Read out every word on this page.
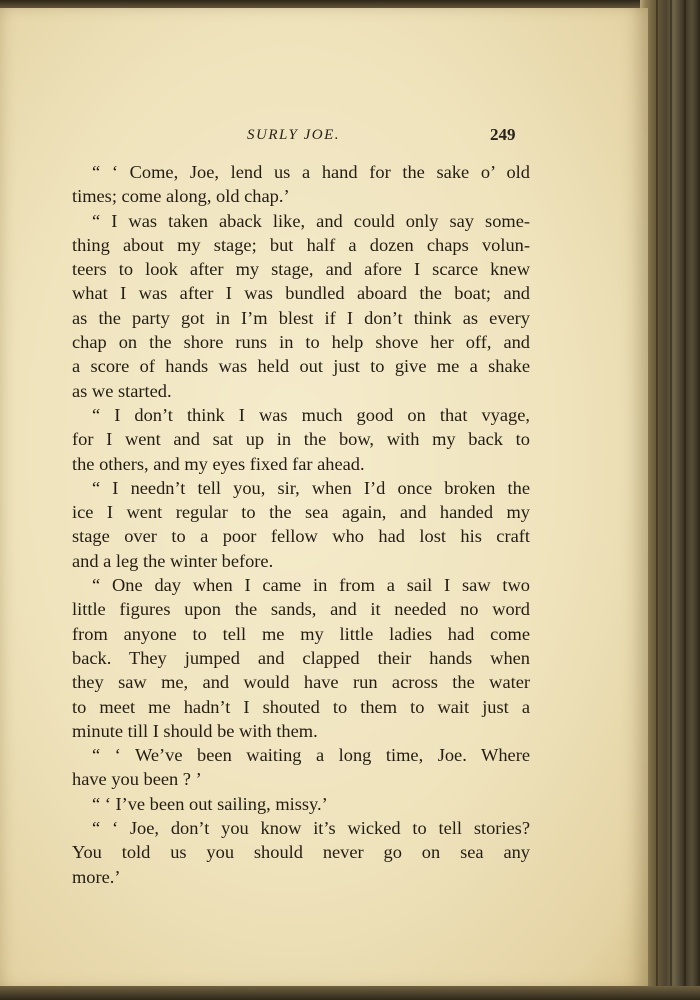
SURLY JOE.	249
“ ‘ Come, Joe, lend us a hand for the sake o’ old
times; come along, old chap.’
“ I was taken aback like, and could only say some-
thing about my stage; but half a dozen chaps volun-
teers to look after my stage, and afore I scarce knew
what I was after I was bundled aboard the boat; and
as the party got in I’m blest if I don’t think as every
chap on the shore runs in to help shove her off, and
a score of hands was held out just to give me a shake
as we started.
“ I don’t think I was much good on that vyage,
for I went and sat up in the bow, with my back to
the others, and my eyes fixed far ahead.
“ I needn’t tell you, sir, when I’d once broken the
ice I went regular to the sea again, and handed my
stage over to a poor fellow who had lost his craft
and a leg the winter before.
“ One day when I came in from a sail I saw two
little figures upon the sands, and it needed no word
from anyone to tell me my little ladies had come
back. They jumped and clapped their hands when
they saw me, and would have run across the water
to meet me hadn’t I shouted to them to wait just a
minute till I should be with them.
“ ‘ We’ve been waiting a long time, Joe. Where
have you been ? ’
“ ‘ I’ve been out sailing, missy.’
“ ‘ Joe, don’t you know it’s wicked to tell stories?
You told us you should never go on sea any
more.’
